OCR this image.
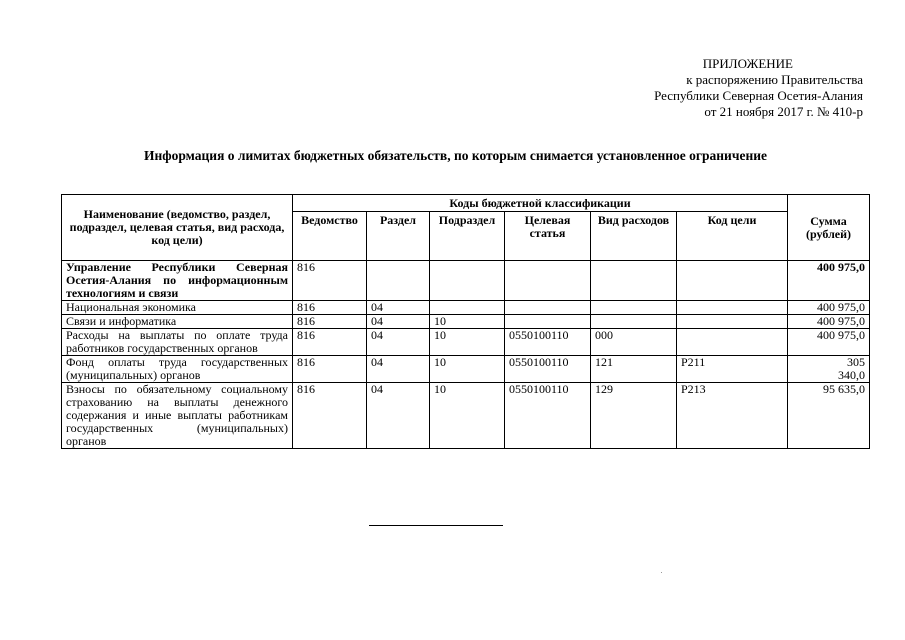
ПРИЛОЖЕНИЕ
к распоряжению Правительства
Республики Северная Осетия-Алания
от 21 ноября 2017 г. № 410-р
Информация о лимитах бюджетных обязательств, по которым снимается установленное ограничение
Наименование (ведомство, раздел, подраздел, целевая статья, вид расхода, код цели)	Коды бюджетной классификации						Сумма (рублей)
	Ведомство	Раздел	Подраздел	Целевая статья	Вид расходов	Код цели	
Управление Республики Северная Осетия-Алания по информационным технологиям и связи	816						400 975,0
Национальная экономика	816	04					400 975,0
Связи и информатика	816	04	10				400 975,0
Расходы на выплаты по оплате труда работников государственных органов	816	04	10	0550100110	000		400 975,0
Фонд оплаты труда государственных (муниципальных) органов	816	04	10	0550100110	121	Р211	305 340,0
Взносы по обязательному социальному страхованию на выплаты денежного содержания и иные выплаты работникам государственных (муниципальных) органов	816	04	10	0550100110	129	Р213	95 635,0
